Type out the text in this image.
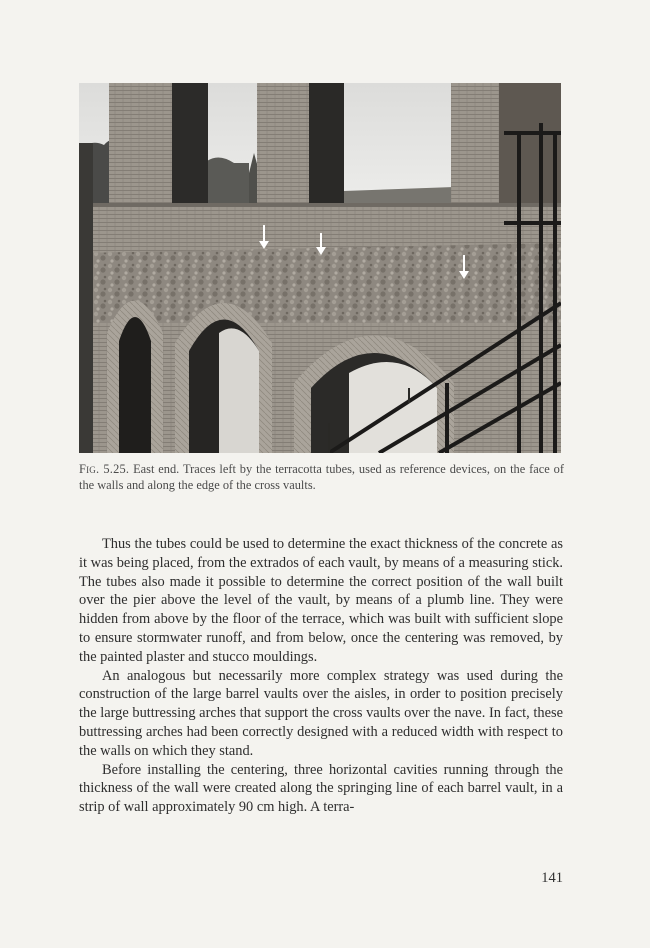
Fig. 5.25. East end. Traces left by the terracotta tubes, used as reference devices, on the face of the walls and along the edge of the cross vaults.

Thus the tubes could be used to determine the exact thickness of the concrete as it was being placed, from the extrados of each vault, by means of a measuring stick. The tubes also made it possible to determine the correct position of the wall built over the pier above the level of the vault, by means of a plumb line. They were hidden from above by the floor of the terrace, which was built with sufficient slope to ensure stormwater runoff, and from below, once the centering was removed, by the painted plaster and stucco mouldings.

An analogous but necessarily more complex strategy was used during the construction of the large barrel vaults over the aisles, in order to position precisely the large buttressing arches that support the cross vaults over the nave. In fact, these buttressing arches had been correctly designed with a reduced width with respect to the walls on which they stand.

Before installing the centering, three horizontal cavities running through the thickness of the wall were created along the springing line of each barrel vault, in a strip of wall approximately 90 cm high. A terra-

141
